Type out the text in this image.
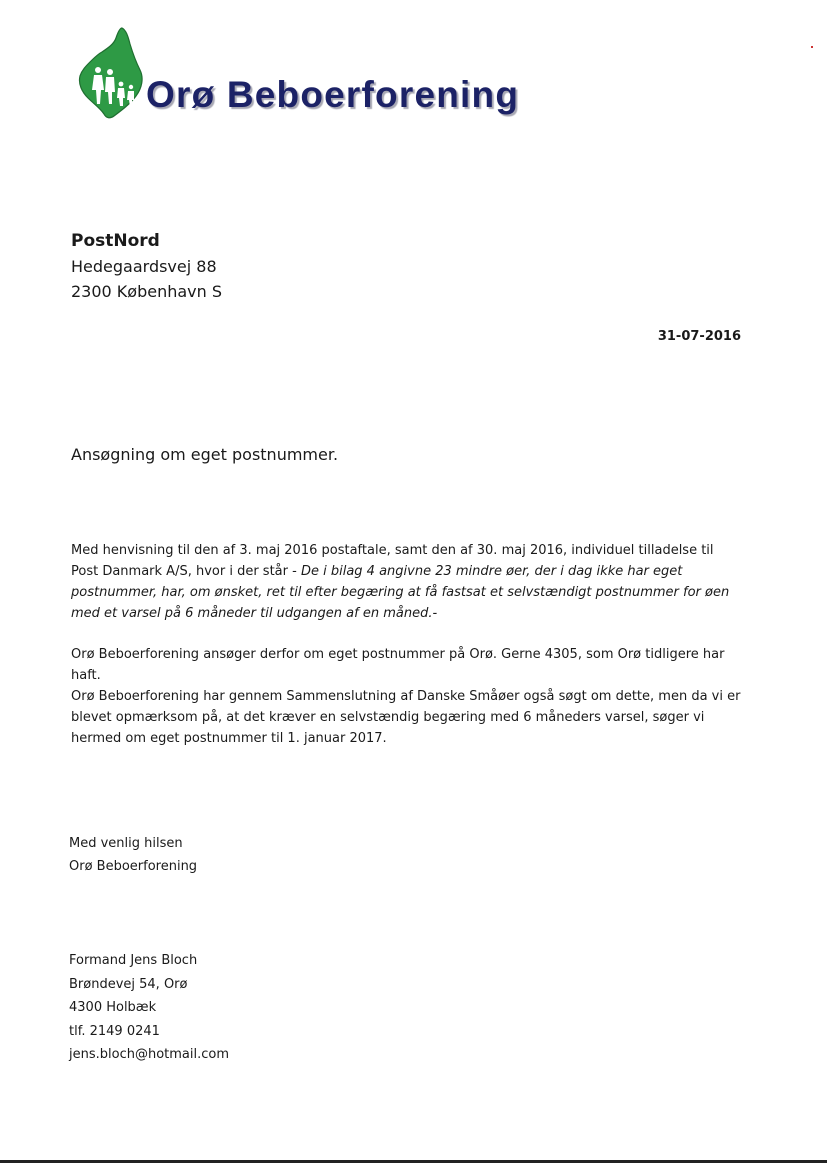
Orø Beboerforening
PostNord
Hedegaardsvej 88
2300 København S
31-07-2016
Ansøgning om eget postnummer.

Med henvisning til den af 3. maj 2016 postaftale, samt den af 30. maj 2016, individuel tilladelse til Post Danmark A/S, hvor i der står - De i bilag 4 angivne 23 mindre øer, der i dag ikke har eget postnummer, har, om ønsket, ret til efter begæring at få fastsat et selvstændigt postnummer for øen med et varsel på 6 måneder til udgangen af en måned.-

Orø Beboerforening ansøger derfor om eget postnummer på Orø. Gerne 4305, som Orø tidligere har haft.

Orø Beboerforening har gennem Sammenslutning af Danske Småøer også søgt om dette, men da vi er blevet opmærksom på, at det kræver en selvstændig begæring med 6 måneders varsel, søger vi hermed om eget postnummer til 1. januar 2017.

Med venlig hilsen
Orø Beboerforening
Formand Jens Bloch
Brøndevej 54, Orø
4300 Holbæk
tlf. 2149 0241
jens.bloch@hotmail.com
